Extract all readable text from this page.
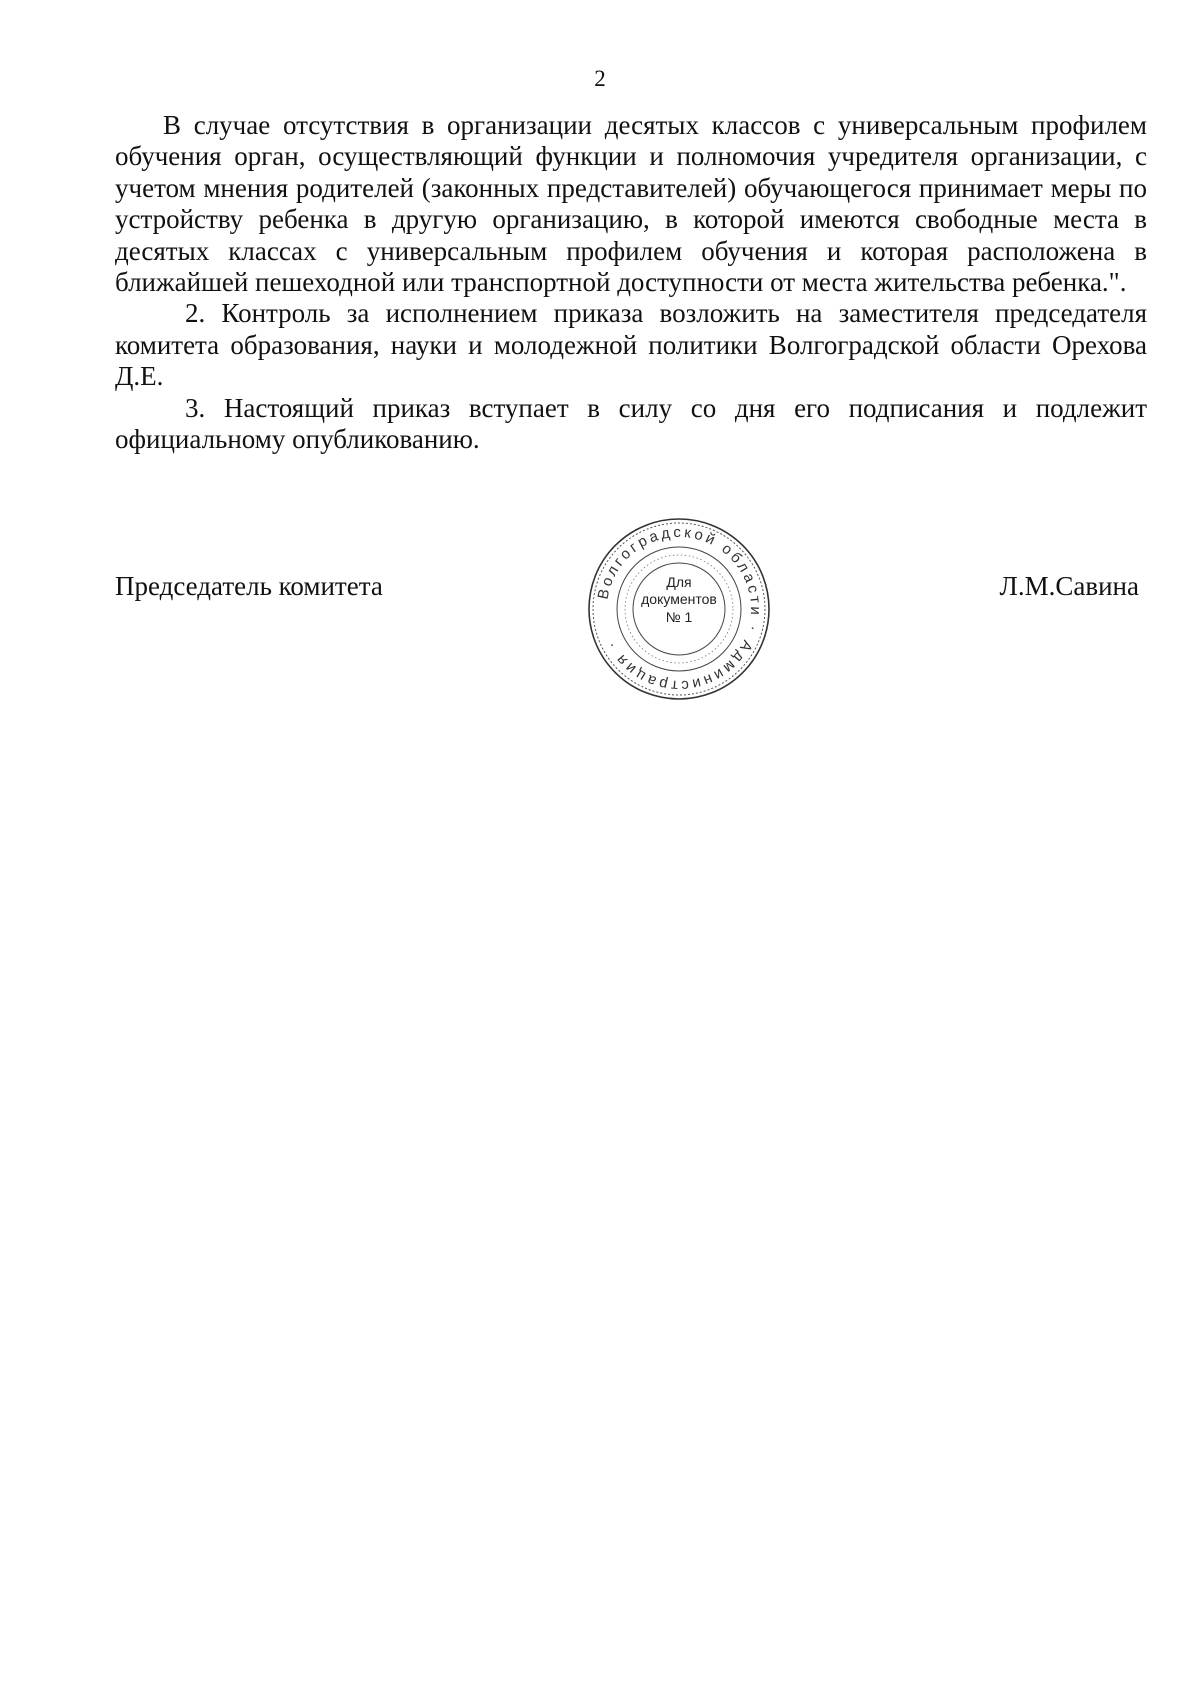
2

В случае отсутствия в организации десятых классов с универсальным профилем обучения орган, осуществляющий функции и полномочия учредителя организации, с учетом мнения родителей (законных представителей) обучающегося принимает меры по устройству ребенка в другую организацию, в которой имеются свободные места в десятых классах с универсальным профилем обучения и которая расположена в ближайшей пешеходной или транспортной доступности от места жительства ребенка.".

2. Контроль за исполнением приказа возложить на заместителя председателя комитета образования, науки и молодежной политики Волгоградской области Орехова Д.Е.

3. Настоящий приказ вступает в силу со дня его подписания и подлежит официальному опубликованию.

Председатель комитета	Л.М.Савина
Волгоградской области · Администрация ·
Для
документов
№ 1
